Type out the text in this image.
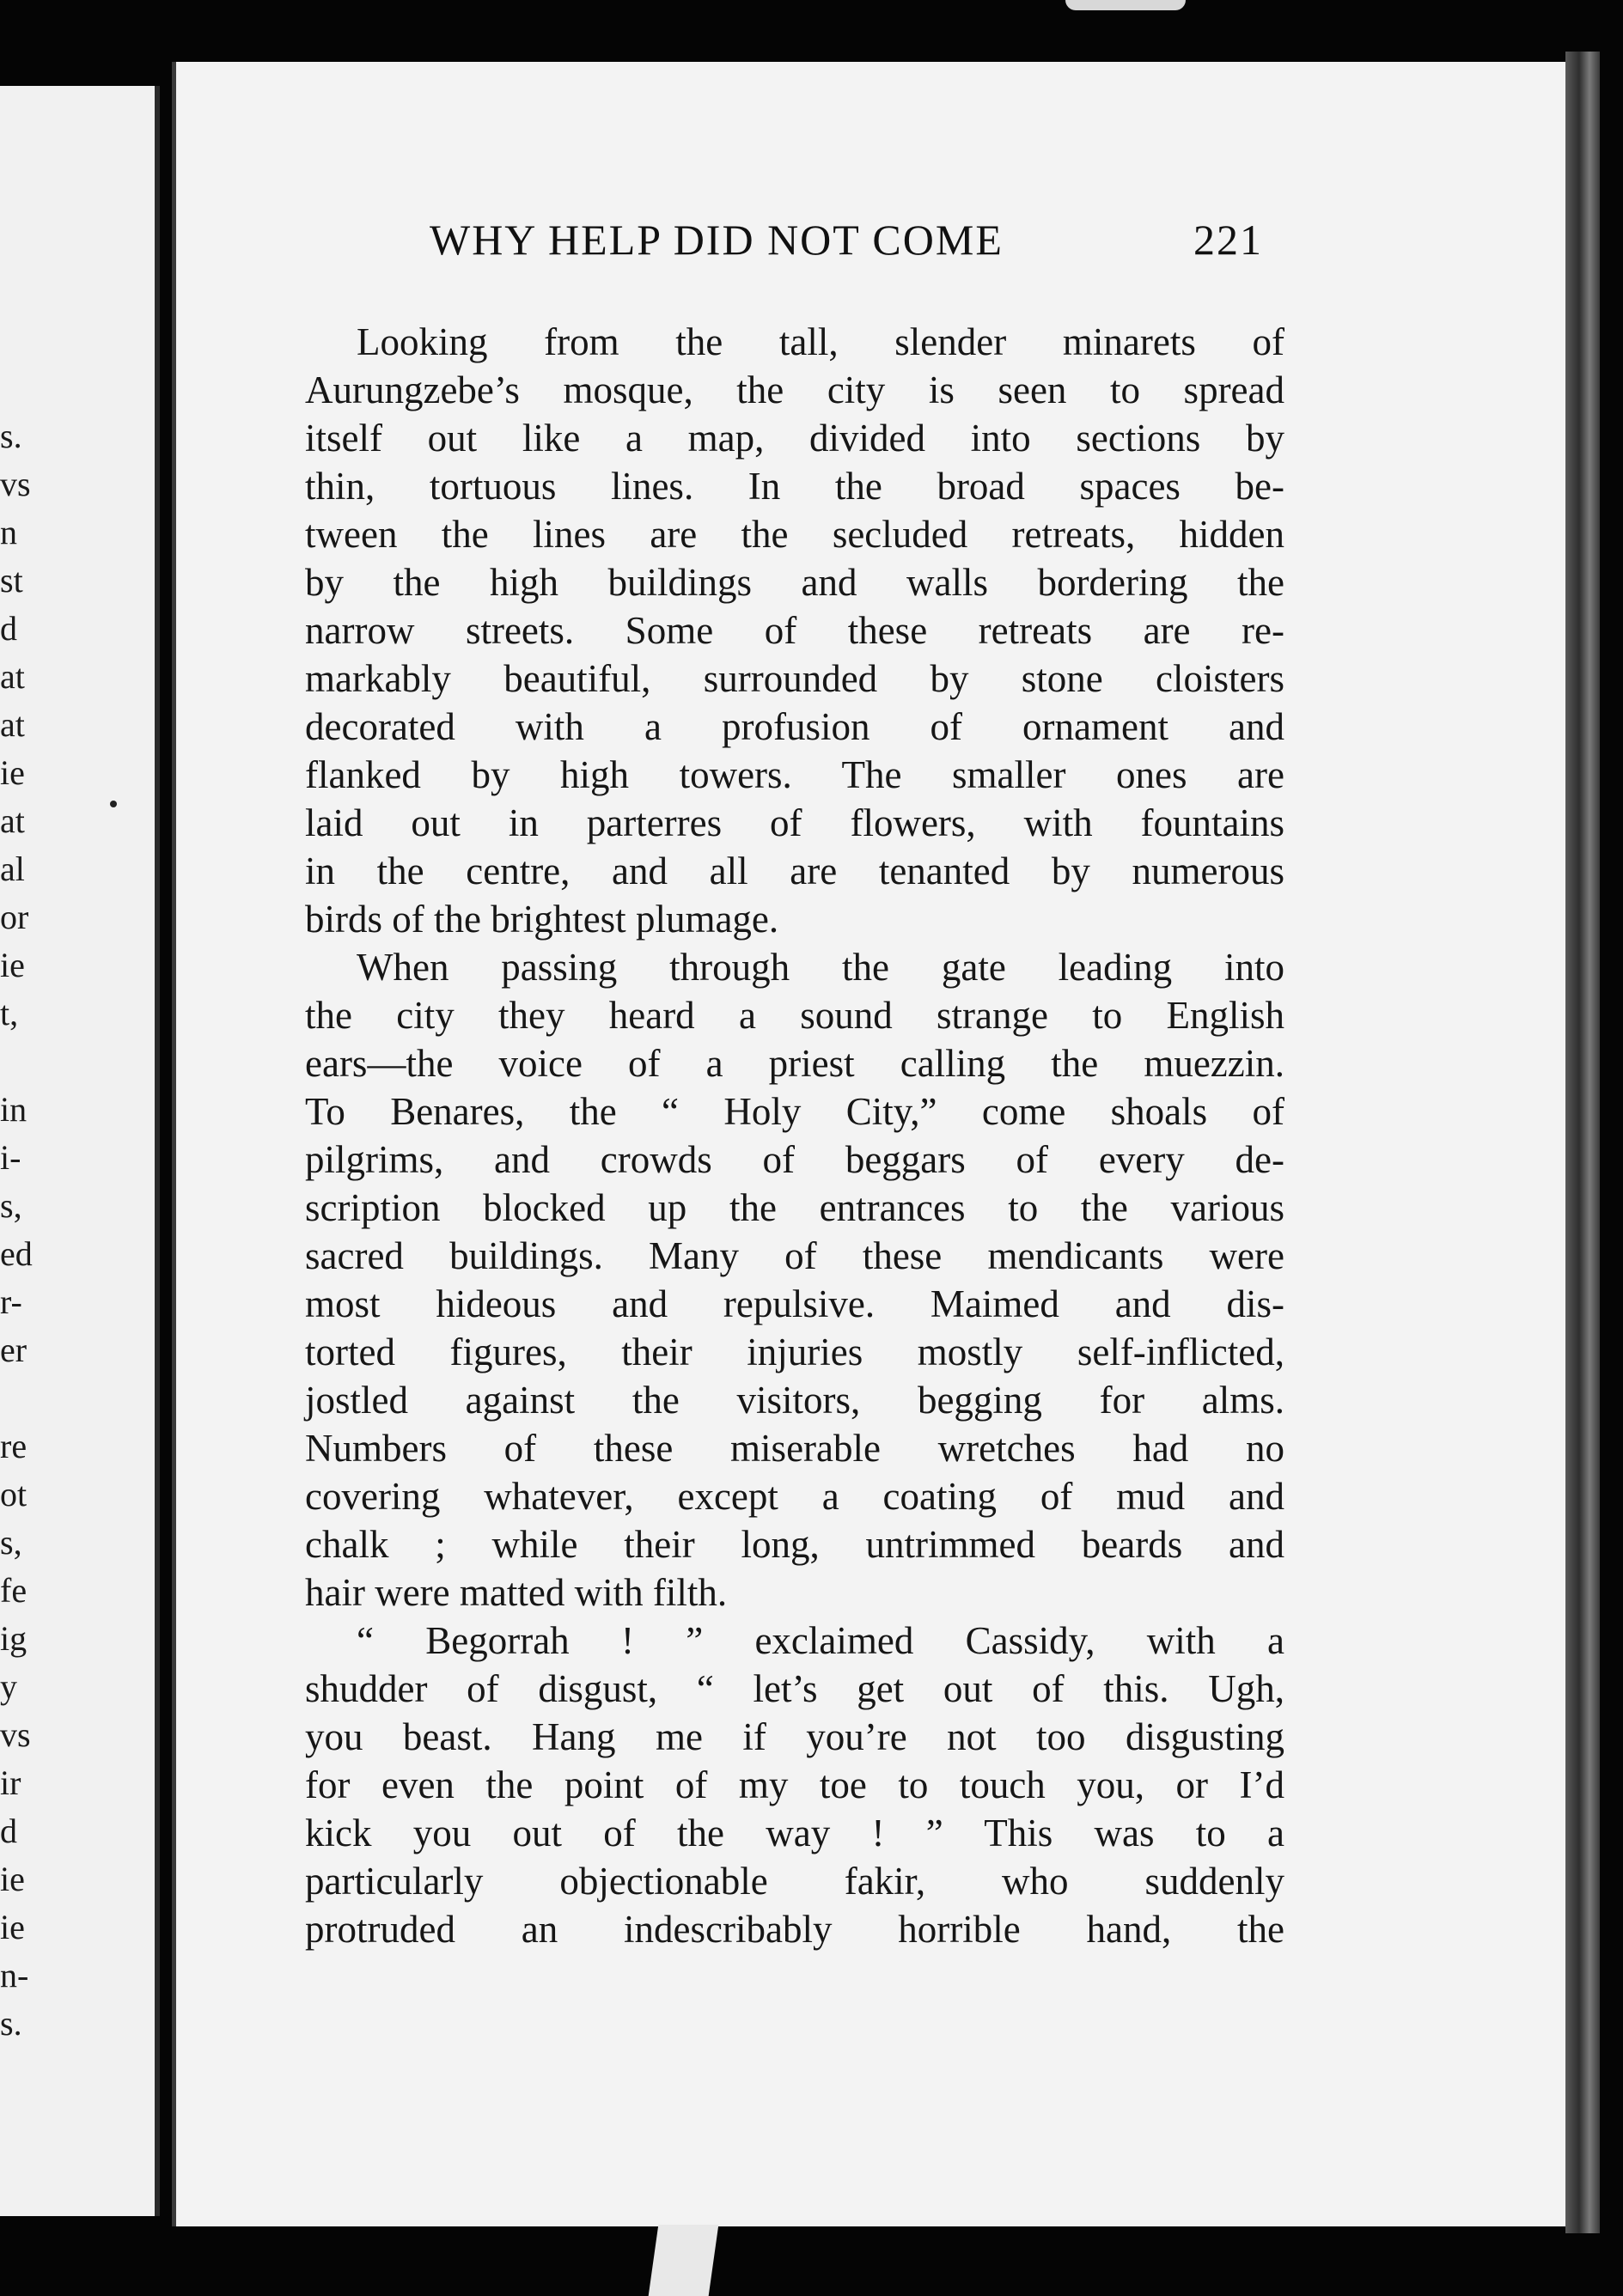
s.
vs
n
st
d
at
at
ie
at
al
or
ie
t,
in
i-
s,
ed
r-
er
re
ot
s,
fe
ig
y
vs
ir
d
ie
ie
n-
s.
WHY HELP DID NOT COME	221
Looking from the tall, slender minarets of
Aurungzebe’s mosque, the city is seen to spread
itself out like a map, divided into sections by
thin, tortuous lines. In the broad spaces be-
tween the lines are the secluded retreats, hidden
by the high buildings and walls bordering the
narrow streets. Some of these retreats are re-
markably beautiful, surrounded by stone cloisters
decorated with a profusion of ornament and
flanked by high towers. The smaller ones are
laid out in parterres of flowers, with fountains
in the centre, and all are tenanted by numerous
birds of the brightest plumage.
When passing through the gate leading into
the city they heard a sound strange to English
ears—the voice of a priest calling the muezzin.
To Benares, the “ Holy City,” come shoals of
pilgrims, and crowds of beggars of every de-
scription blocked up the entrances to the various
sacred buildings. Many of these mendicants were
most hideous and repulsive. Maimed and dis-
torted figures, their injuries mostly self-inflicted,
jostled against the visitors, begging for alms.
Numbers of these miserable wretches had no
covering whatever, except a coating of mud and
chalk ; while their long, untrimmed beards and
hair were matted with filth.
“ Begorrah ! ” exclaimed Cassidy, with a
shudder of disgust, “ let’s get out of this. Ugh,
you beast. Hang me if you’re not too disgusting
for even the point of my toe to touch you, or I’d
kick you out of the way ! ” This was to a
particularly objectionable fakir, who suddenly
protruded an indescribably horrible hand, the
